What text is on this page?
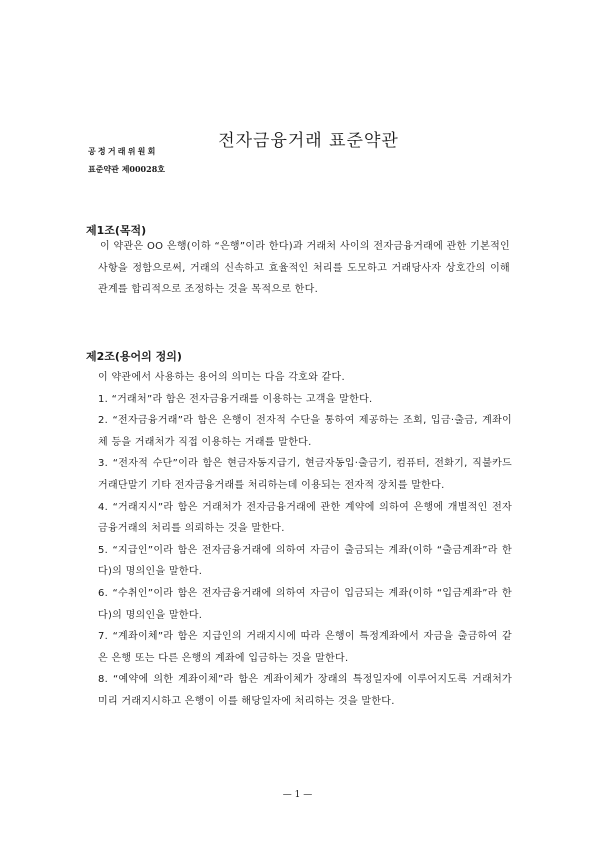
공정거래위원회
전자금융거래 표준약관
표준약관 제00028호
제1조(목적)

이 약관은 OO 은행(이하 “은행”이라 한다)과 거래처 사이의 전자금융거래에 관한 기본적인 사항을 정함으로써, 거래의 신속하고 효율적인 처리를 도모하고 거래당사자 상호간의 이해관계를 합리적으로 조정하는 것을 목적으로 한다.

제2조(용어의 정의)
이 약관에서 사용하는 용어의 의미는 다음 각호와 같다.
1. “거래처”라 함은 전자금융거래를 이용하는 고객을 말한다.
2. “전자금융거래”라 함은 은행이 전자적 수단을 통하여 제공하는 조회, 입금·출금, 계좌이체 등을 거래처가 직접 이용하는 거래를 말한다.
3. “전자적 수단”이라 함은 현금자동지급기, 현금자동입·출금기, 컴퓨터, 전화기, 직불카드거래단말기 기타 전자금융거래를 처리하는데 이용되는 전자적 장치를 말한다.
4. “거래지시”라 함은 거래처가 전자금융거래에 관한 계약에 의하여 은행에 개별적인 전자금융거래의 처리를 의뢰하는 것을 말한다.
5. “지급인”이라 함은 전자금융거래에 의하여 자금이 출금되는 계좌(이하 “출금계좌”라 한다)의 명의인을 말한다.
6. “수취인”이라 함은 전자금융거래에 의하여 자금이 입금되는 계좌(이하 “입금계좌”라 한다)의 명의인을 말한다.
7. “계좌이체”라 함은 지급인의 거래지시에 따라 은행이 특정계좌에서 자금을 출금하여 같은 은행 또는 다른 은행의 계좌에 입금하는 것을 말한다.
8. “예약에 의한 계좌이체”라 함은 계좌이체가 장래의 특정일자에 이루어지도록 거래처가 미리 거래지시하고 은행이 이를 해당일자에 처리하는 것을 말한다.
— 1 —
